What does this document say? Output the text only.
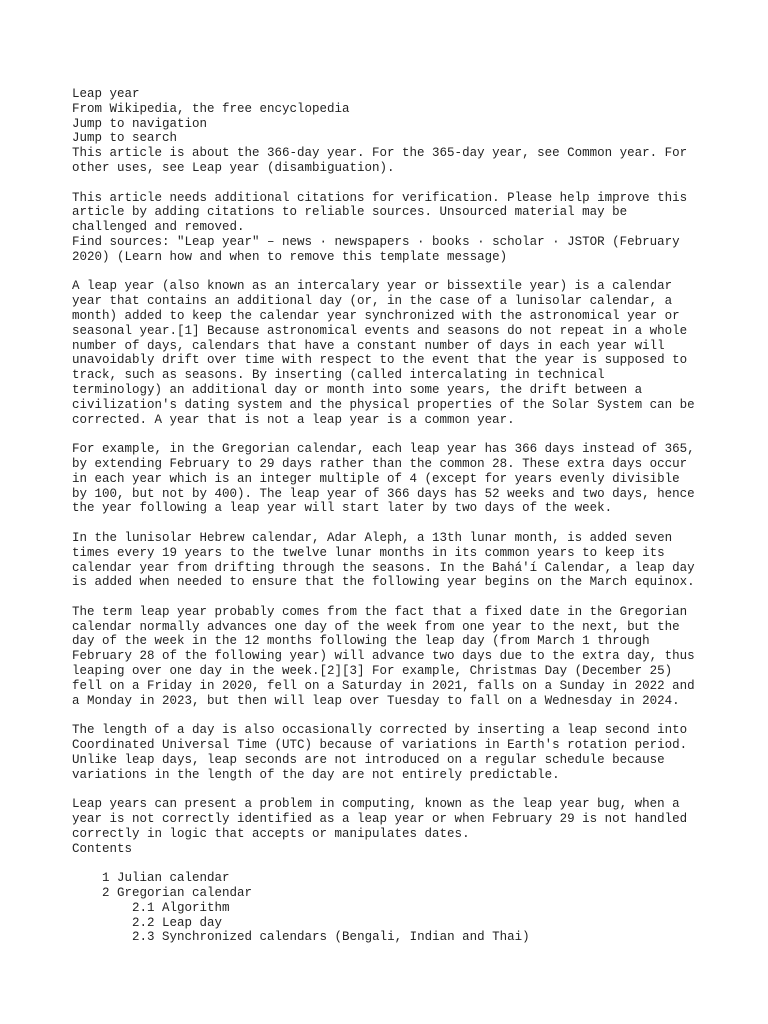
Leap year
From Wikipedia, the free encyclopedia
Jump to navigation
Jump to search
This article is about the 366-day year. For the 365-day year, see Common year. For
other uses, see Leap year (disambiguation).
This article needs additional citations for verification. Please help improve this
article by adding citations to reliable sources. Unsourced material may be
challenged and removed.
Find sources: "Leap year" – news · newspapers · books · scholar · JSTOR (February
2020) (Learn how and when to remove this template message)
A leap year (also known as an intercalary year or bissextile year) is a calendar
year that contains an additional day (or, in the case of a lunisolar calendar, a
month) added to keep the calendar year synchronized with the astronomical year or
seasonal year.[1] Because astronomical events and seasons do not repeat in a whole
number of days, calendars that have a constant number of days in each year will
unavoidably drift over time with respect to the event that the year is supposed to
track, such as seasons. By inserting (called intercalating in technical
terminology) an additional day or month into some years, the drift between a
civilization's dating system and the physical properties of the Solar System can be
corrected. A year that is not a leap year is a common year.
For example, in the Gregorian calendar, each leap year has 366 days instead of 365,
by extending February to 29 days rather than the common 28. These extra days occur
in each year which is an integer multiple of 4 (except for years evenly divisible
by 100, but not by 400). The leap year of 366 days has 52 weeks and two days, hence
the year following a leap year will start later by two days of the week.
In the lunisolar Hebrew calendar, Adar Aleph, a 13th lunar month, is added seven
times every 19 years to the twelve lunar months in its common years to keep its
calendar year from drifting through the seasons. In the Bahá'í Calendar, a leap day
is added when needed to ensure that the following year begins on the March equinox.
The term leap year probably comes from the fact that a fixed date in the Gregorian
calendar normally advances one day of the week from one year to the next, but the
day of the week in the 12 months following the leap day (from March 1 through
February 28 of the following year) will advance two days due to the extra day, thus
leaping over one day in the week.[2][3] For example, Christmas Day (December 25)
fell on a Friday in 2020, fell on a Saturday in 2021, falls on a Sunday in 2022 and
a Monday in 2023, but then will leap over Tuesday to fall on a Wednesday in 2024.
The length of a day is also occasionally corrected by inserting a leap second into
Coordinated Universal Time (UTC) because of variations in Earth's rotation period.
Unlike leap days, leap seconds are not introduced on a regular schedule because
variations in the length of the day are not entirely predictable.
Leap years can present a problem in computing, known as the leap year bug, when a
year is not correctly identified as a leap year or when February 29 is not handled
correctly in logic that accepts or manipulates dates.
Contents
1 Julian calendar
2 Gregorian calendar
2.1 Algorithm
2.2 Leap day
2.3 Synchronized calendars (Bengali, Indian and Thai)
